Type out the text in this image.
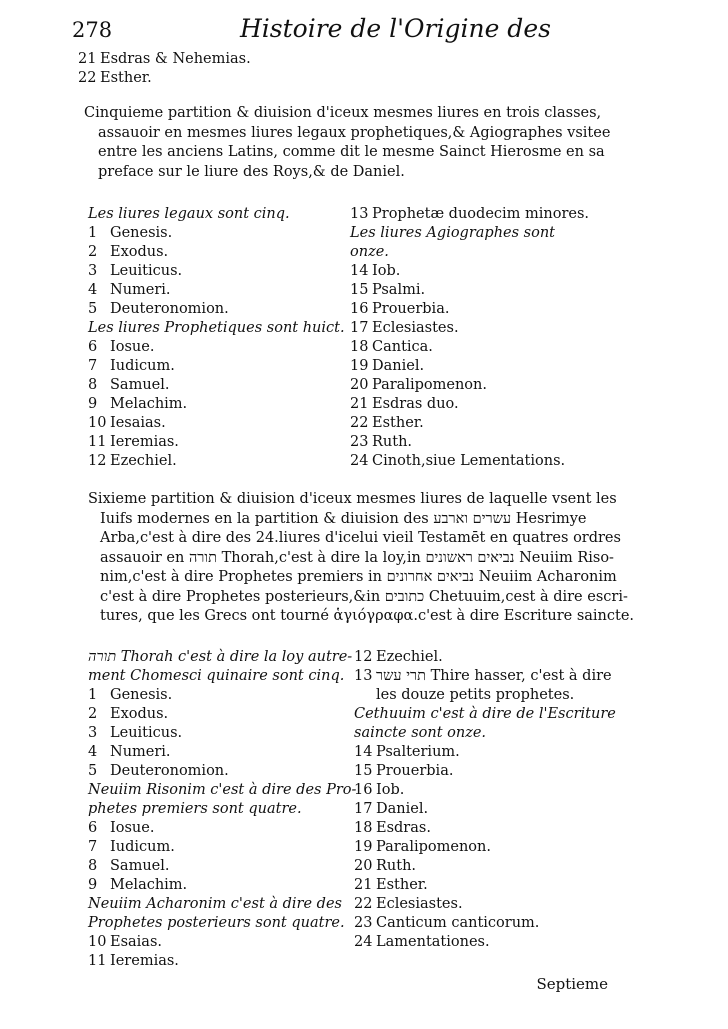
278	Histoire de l'Origine des
21 Esdras & Nehemias.
22 Esther.
Cinquieme partition & diuision d'iceux mesmes liures en trois classes,
assauoir en mesmes liures legaux prophetiques,& Agiographes vsitee
entre les anciens Latins, comme dit le mesme Sainct Hierosme en sa
preface sur le liure des Roys,& de Daniel.
Les liures legaux sont cinq.
1 Genesis.
2 Exodus.
3 Leuiticus.
4 Numeri.
5 Deuteronomion.
Les liures Prophetiques sont huict.
6 Iosue.
7 Iudicum.
8 Samuel.
9 Melachim.
10 Iesaias.
11 Ieremias.
12 Ezechiel.
13 Prophetæ duodecim minores.
Les liures Agiographes sont
onze.
14 Iob.
15 Psalmi.
16 Prouerbia.
17 Eclesiastes.
18 Cantica.
19 Daniel.
20 Paralipomenon.
21 Esdras duo.
22 Esther.
23 Ruth.
24 Cinoth,siue Lementations.
Sixieme partition & diuision d'iceux mesmes liures de laquelle vsent les
Iuifs modernes en la partition & diuision des עשרים וארבע Hesrimye
Arba,c'est à dire des 24.liures d'icelui vieil Testamēt en quatres ordres
assauoir en תורה Thorah,c'est à dire la loy,in נביאים ראשונים Neuiim Riso-
nim,c'est à dire Prophetes premiers in נביאים אחרונים Neuiim Acharonim
c'est à dire Prophetes posterieurs,&in כתובים Chetuuim,cest à dire escri-
tures, que les Grecs ont tourné ἁγιόγραφα.c'est à dire Escriture saincte.
תורה Thorah c'est à dire la loy autre-
ment Chomesci quinaire sont cinq.
1 Genesis.
2 Exodus.
3 Leuiticus.
4 Numeri.
5 Deuteronomion.
Neuiim Risonim c'est à dire des Pro-
phetes premiers sont quatre.
6 Iosue.
7 Iudicum.
8 Samuel.
9 Melachim.
Neuiim Acharonim c'est à dire des
Prophetes posterieurs sont quatre.
10 Esaias.
11 Ieremias.
12 Ezechiel.
13 תרי עשר Thire hasser, c'est à dire
les douze petits prophetes.
Cethuuim c'est à dire de l'Escriture
saincte sont onze.
14 Psalterium.
15 Prouerbia.
16 Iob.
17 Daniel.
18 Esdras.
19 Paralipomenon.
20 Ruth.
21 Esther.
22 Eclesiastes.
23 Canticum canticorum.
24 Lamentationes.
Septieme
